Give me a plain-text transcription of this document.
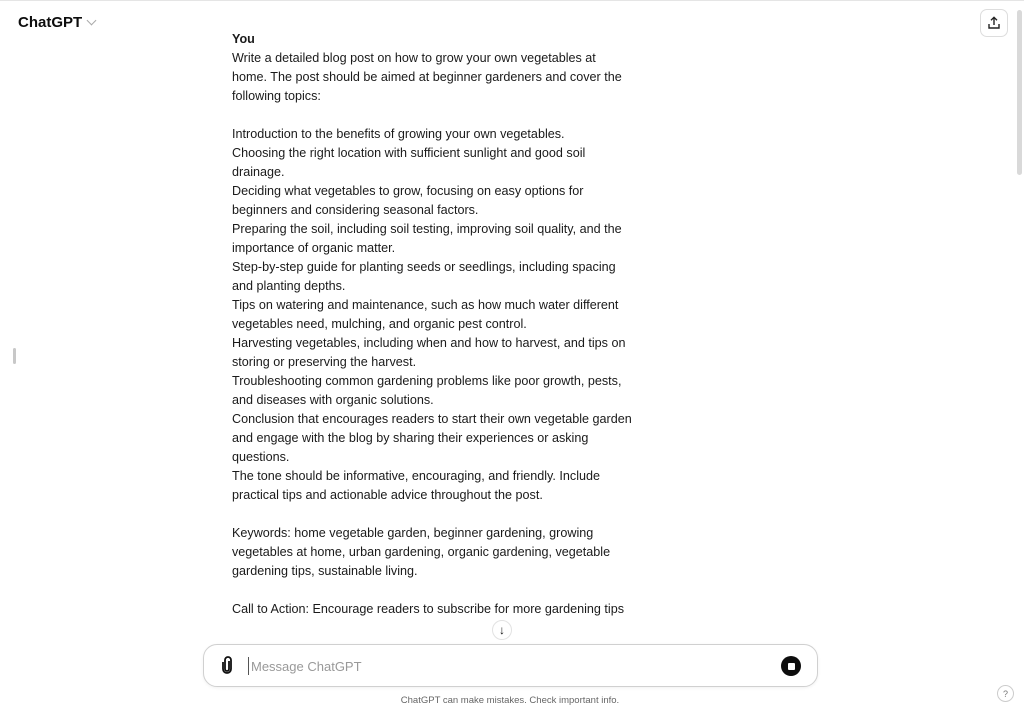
ChatGPT
You
Write a detailed blog post on how to grow your own vegetables at
home. The post should be aimed at beginner gardeners and cover the
following topics:
Introduction to the benefits of growing your own vegetables.
Choosing the right location with sufficient sunlight and good soil
drainage.
Deciding what vegetables to grow, focusing on easy options for
beginners and considering seasonal factors.
Preparing the soil, including soil testing, improving soil quality, and the
importance of organic matter.
Step-by-step guide for planting seeds or seedlings, including spacing
and planting depths.
Tips on watering and maintenance, such as how much water different
vegetables need, mulching, and organic pest control.
Harvesting vegetables, including when and how to harvest, and tips on
storing or preserving the harvest.
Troubleshooting common gardening problems like poor growth, pests,
and diseases with organic solutions.
Conclusion that encourages readers to start their own vegetable garden
and engage with the blog by sharing their experiences or asking
questions.
The tone should be informative, encouraging, and friendly. Include
practical tips and actionable advice throughout the post.
Keywords: home vegetable garden, beginner gardening, growing
vegetables at home, urban gardening, organic gardening, vegetable
gardening tips, sustainable living.
Call to Action: Encourage readers to subscribe for more gardening tips
↓
Message ChatGPT
ChatGPT can make mistakes. Check important info.
?
